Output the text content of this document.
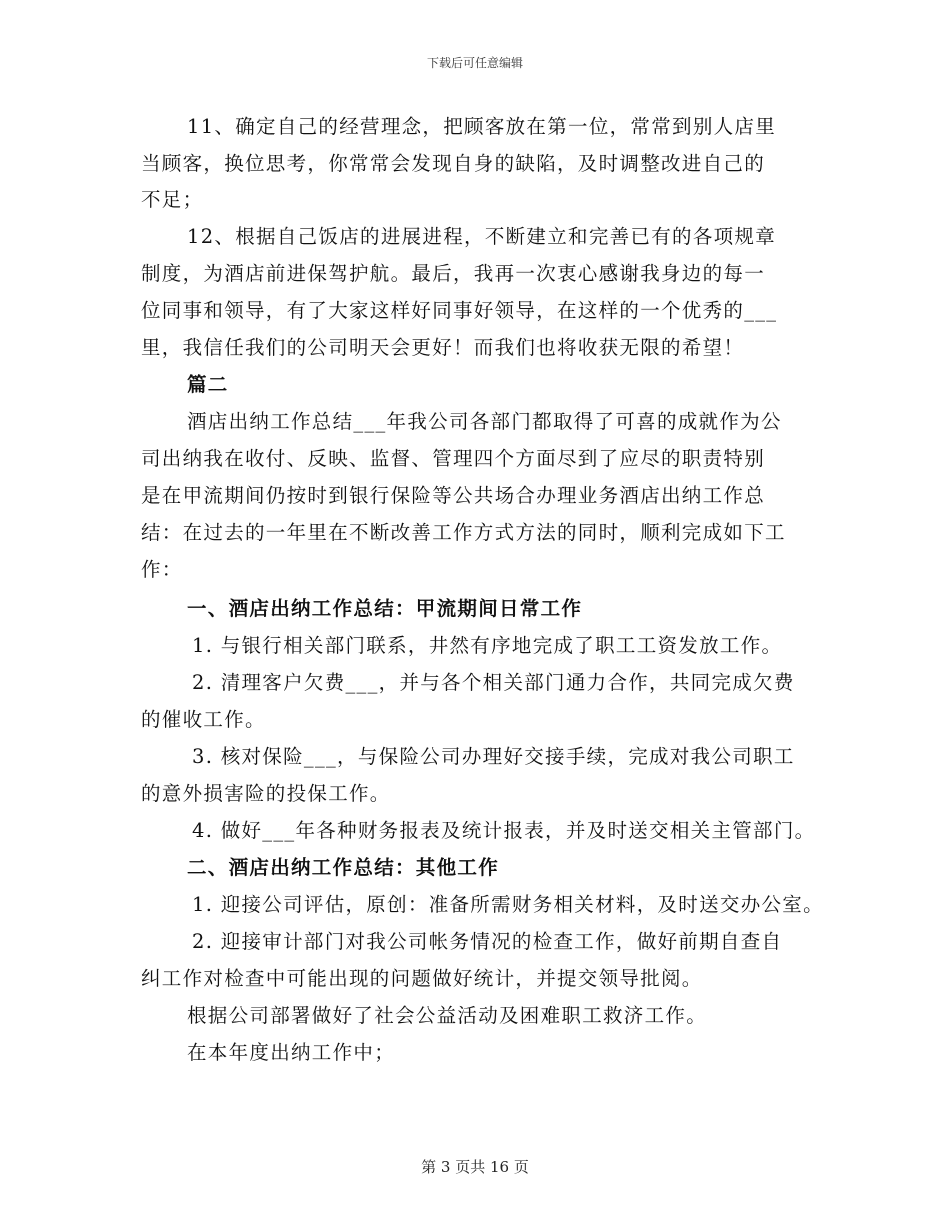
下载后可任意编辑
11、确定自己的经营理念，把顾客放在第一位，常常到别人店里
当顾客，换位思考，你常常会发现自身的缺陷，及时调整改进自己的
不足；
12、根据自己饭店的进展进程，不断建立和完善已有的各项规章
制度，为酒店前进保驾护航。最后，我再一次衷心感谢我身边的每一
位同事和领导，有了大家这样好同事好领导，在这样的一个优秀的___
里，我信任我们的公司明天会更好！而我们也将收获无限的希望！
篇二
酒店出纳工作总结___年我公司各部门都取得了可喜的成就作为公
司出纳我在收付、反映、监督、管理四个方面尽到了应尽的职责特别
是在甲流期间仍按时到银行保险等公共场合办理业务酒店出纳工作总
结：在过去的一年里在不断改善工作方式方法的同时，顺利完成如下工
作：
一、酒店出纳工作总结：甲流期间日常工作
1. 与银行相关部门联系，井然有序地完成了职工工资发放工作。
2. 清理客户欠费___，并与各个相关部门通力合作，共同完成欠费
的催收工作。
3. 核对保险___，与保险公司办理好交接手续，完成对我公司职工
的意外损害险的投保工作。
4. 做好___年各种财务报表及统计报表，并及时送交相关主管部门。
二、酒店出纳工作总结：其他工作
1. 迎接公司评估，原创：准备所需财务相关材料，及时送交办公室。
2. 迎接审计部门对我公司帐务情况的检查工作，做好前期自查自
纠工作对检查中可能出现的问题做好统计，并提交领导批阅。
根据公司部署做好了社会公益活动及困难职工救济工作。
在本年度出纳工作中；
第 3 页共 16 页
